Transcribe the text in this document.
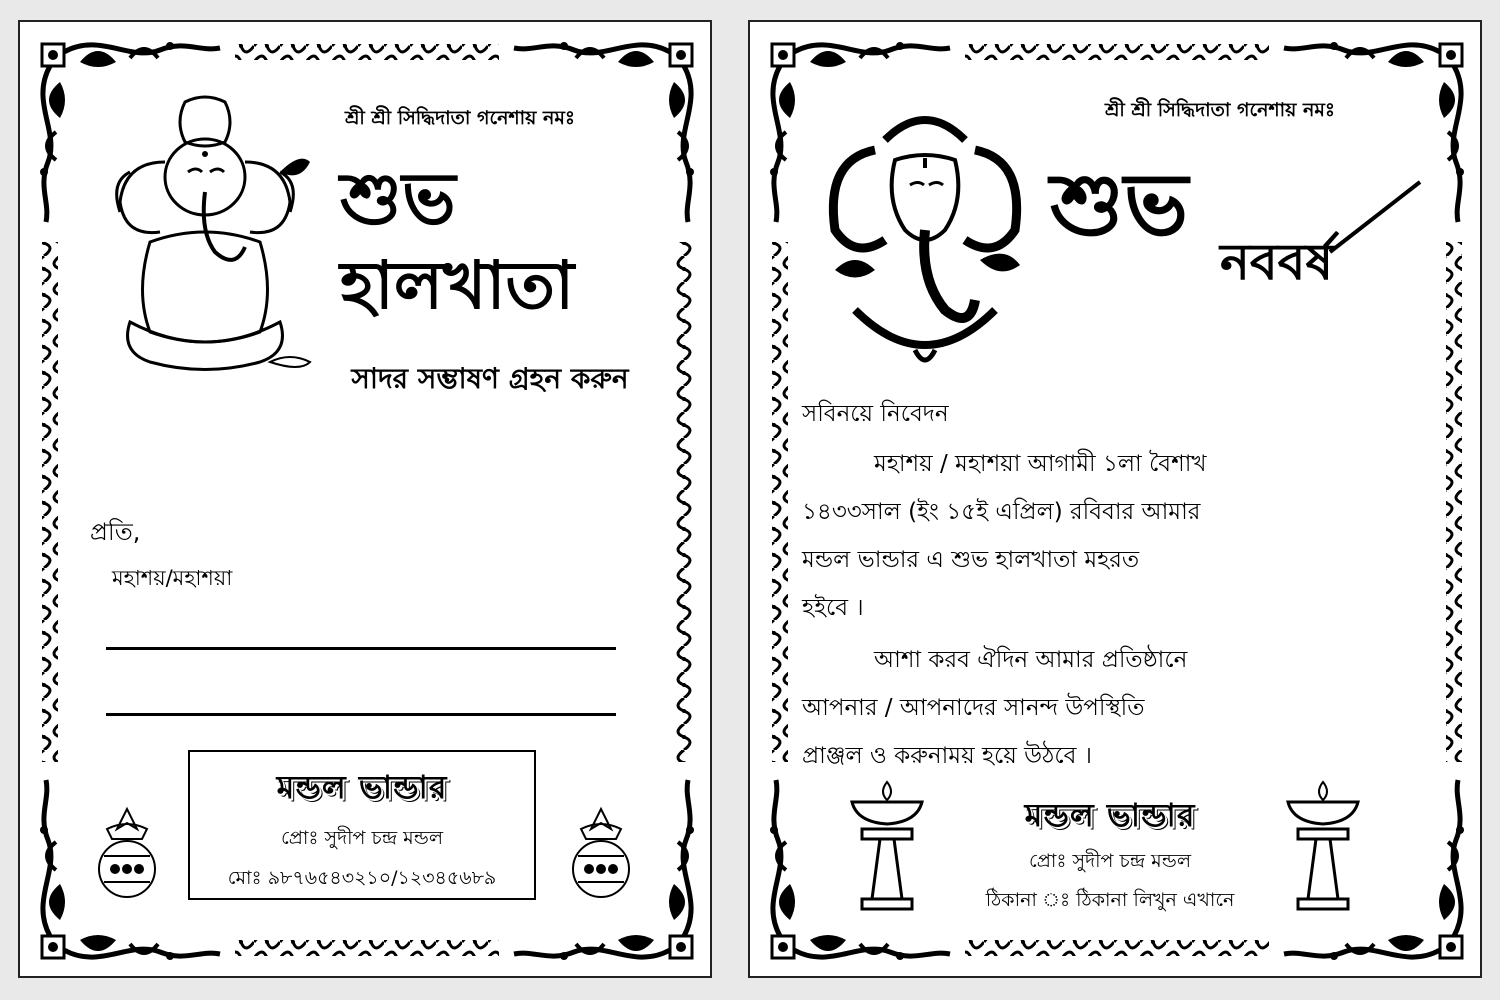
শ্রী শ্রী সিদ্ধিদাতা গনেশায় নমঃ
শুভ
হালখাতা
সাদর সম্ভাষণ গ্রহন করুন
প্রতি,
মহাশয়/মহাশয়া
মন্ডল ভান্ডার
প্রোঃ সুদীপ চন্দ্র মন্ডল
মোঃ ৯৮৭৬৫৪৩২১০/১২৩৪৫৬৮৯
শ্রী শ্রী সিদ্ধিদাতা গনেশায় নমঃ
শুভ
নববর্ষ
সবিনয়ে নিবেদন
মহাশয় / মহাশয়া আগামী ১লা বৈশাখ
১৪৩৩সাল (ইং ১৫ই এপ্রিল) রবিবার আমার
মন্ডল ভান্ডার এ শুভ হালখাতা মহরত
হইবে ।
আশা করব ঐদিন আমার প্রতিষ্ঠানে
আপনার / আপনাদের সানন্দ উপস্থিতি
প্রাঞ্জল ও করুনাময় হয়ে উঠবে ।
মন্ডল ভান্ডার
প্রোঃ সুদীপ চন্দ্র মন্ডল
ঠিকানা ঃ ঠিকানা লিখুন এখানে
